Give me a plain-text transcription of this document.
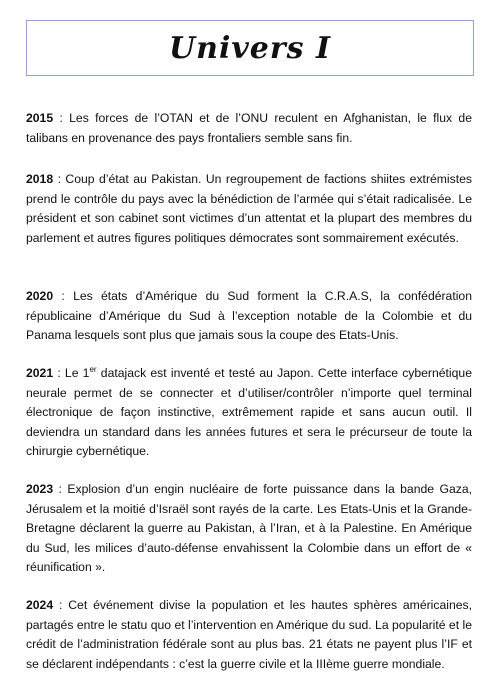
Univers I

2015 : Les forces de l’OTAN et de l’ONU reculent en Afghanistan, le flux de talibans en provenance des pays frontaliers semble sans fin.

2018 : Coup d’état au Pakistan. Un regroupement de factions shiites extrémistes prend le contrôle du pays avec la bénédiction de l’armée qui s’était radicalisée. Le président et son cabinet sont victimes d’un attentat et la plupart des membres du parlement et autres figures politiques démocrates sont sommairement exécutés.

2020 : Les états d’Amérique du Sud forment la C.R.A.S, la confédération républicaine d’Amérique du Sud à l’exception notable de la Colombie et du Panama lesquels sont plus que jamais sous la coupe des Etats-Unis.

2021 : Le 1er datajack est inventé et testé au Japon. Cette interface cybernétique neurale permet de se connecter et d’utiliser/contrôler n’importe quel terminal électronique de façon instinctive, extrêmement rapide et sans aucun outil. Il deviendra un standard dans les années futures et sera le précurseur de toute la chirurgie cybernétique.

2023 : Explosion d’un engin nucléaire de forte puissance dans la bande Gaza, Jérusalem et la moitié d’Israël sont rayés de la carte. Les Etats-Unis et la Grande-Bretagne déclarent la guerre au Pakistan, à l’Iran, et à la Palestine. En Amérique du Sud, les milices d’auto-défense envahissent la Colombie dans un effort de « réunification ».

2024 : Cet événement divise la population et les hautes sphères américaines, partagés entre le statu quo et l’intervention en Amérique du sud. La popularité et le crédit de l’administration fédérale sont au plus bas. 21 états ne payent plus l’IF et se déclarent indépendants : c’est la guerre civile et la IIIème guerre mondiale.
